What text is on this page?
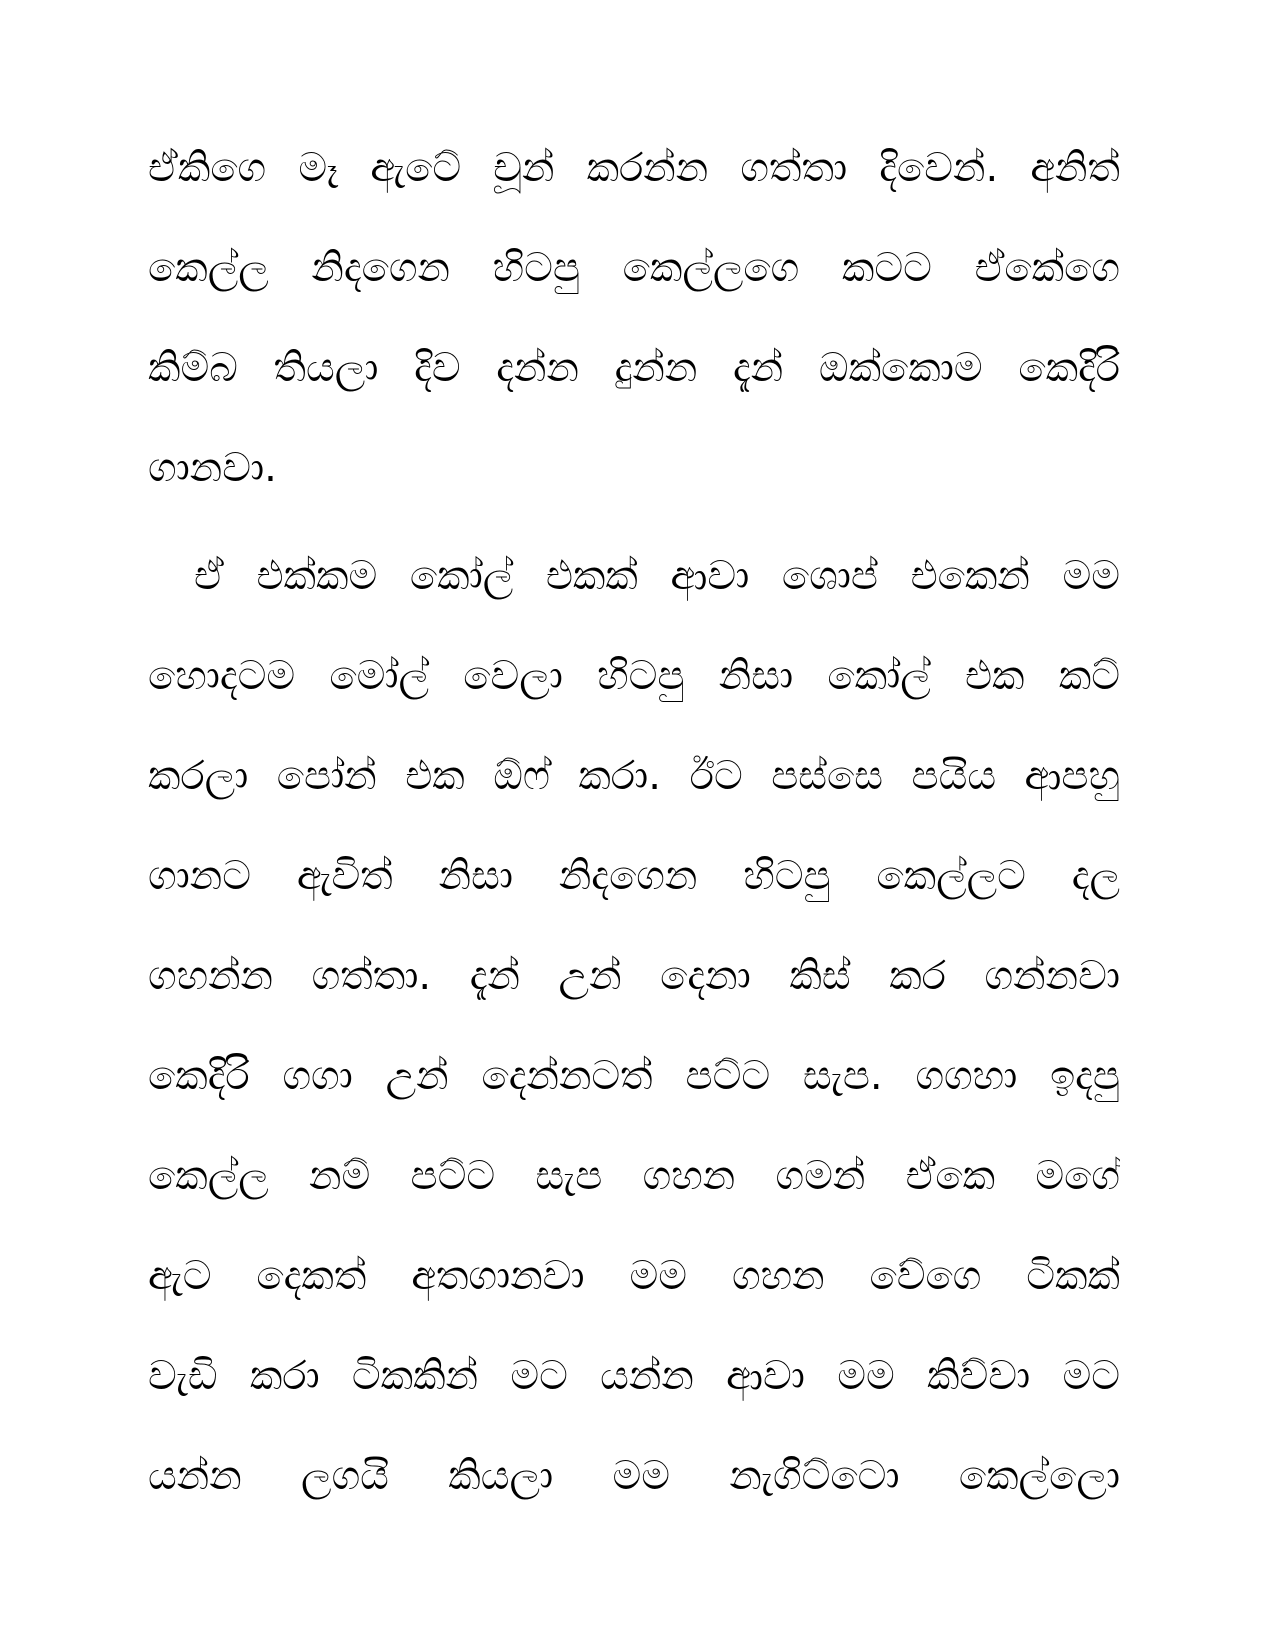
ඒකිගෙ මෑ ඇටේ චූන් කරන්න ගත්තා දිවෙන්. අනිත්
කෙල්ල නිදගෙන හිටපු කෙල්ලගෙ කටට ඒකේගෙ
කිම්බ තියලා දිව දන්න දුන්න දැන් ඔක්කොම කෙදිරි
ගානවා.
ඒ එක්කම කෝල් එකක් ආවා ශොප් එකෙන් මම
හොදටම මෝල් වෙලා හිටපු නිසා කෝල් එක කට්
කරලා පෝන් එක ඕෆ් කරා. ඊට පස්සෙ පයිය ආපහු
ගානට ඇවිත් නිසා නිදගෙන හිටපු කෙල්ලට දල
ගහන්න ගත්තා. දැන් උන් දෙනා කිස් කර ගන්නවා
කෙදිරි ගගා උන් දෙන්නටත් පට්ට සැප. ගගහා ඉදපු
කෙල්ල නම් පට්ට සැප ගහන ගමන් ඒකෙ මගේ
ඇට දෙකත් අතගානවා මම ගහන වේගෙ ටිකක්
වැඩි කරා ටිකකින් මට යන්න ආවා මම කිව්වා මට
යන්න ලගයි කියලා මම නැගිට්ටො කෙල්ලො
